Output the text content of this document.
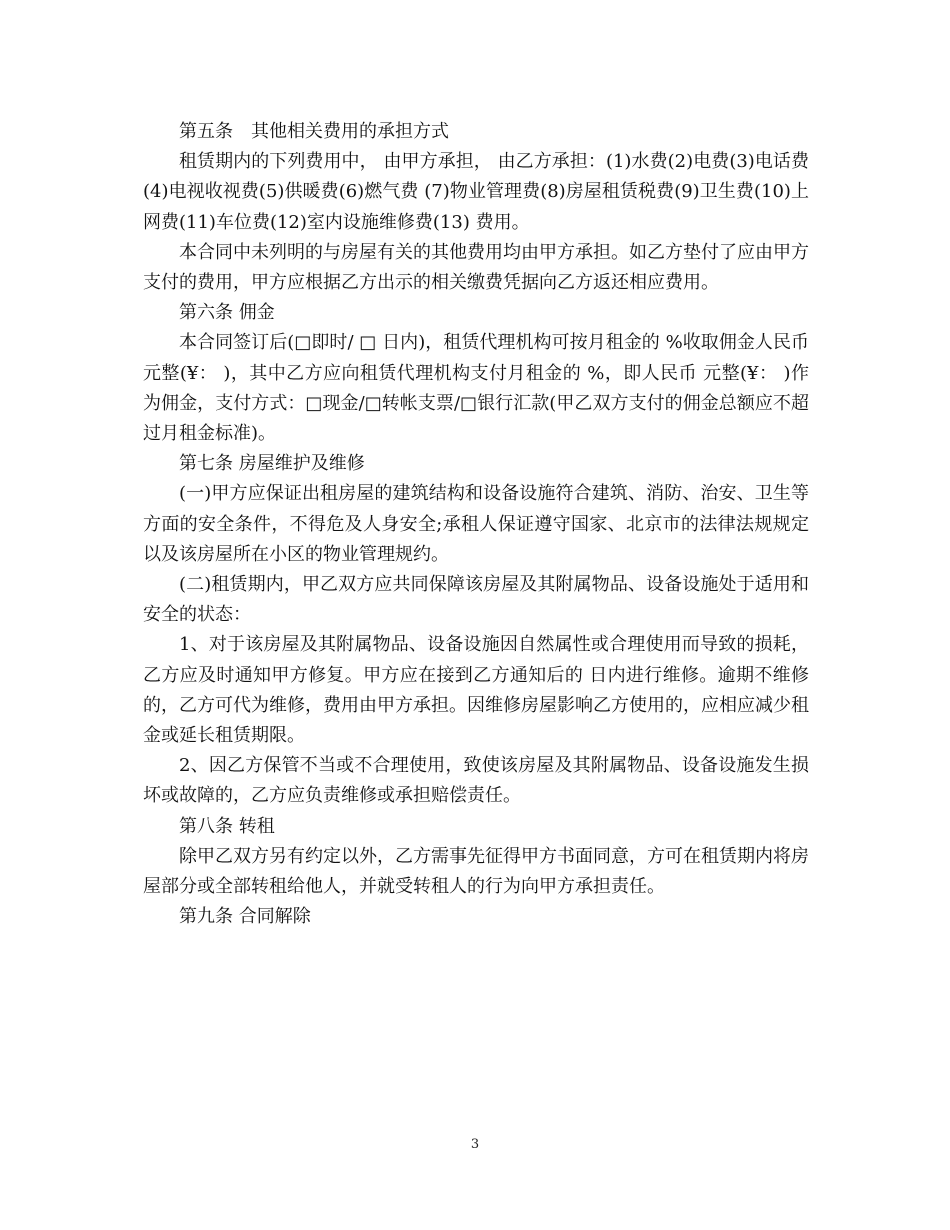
第五条　其他相关费用的承担方式

租赁期内的下列费用中， 由甲方承担， 由乙方承担：(1)水费(2)电费(3)电话费(4)电视收视费(5)供暖费(6)燃气费 (7)物业管理费(8)房屋租赁税费(9)卫生费(10)上网费(11)车位费(12)室内设施维修费(13) 费用。

本合同中未列明的与房屋有关的其他费用均由甲方承担。如乙方垫付了应由甲方支付的费用，甲方应根据乙方出示的相关缴费凭据向乙方返还相应费用。

第六条 佣金

本合同签订后(□即时/ □ 日内)，租赁代理机构可按月租金的 %收取佣金人民币 元整(¥： )，其中乙方应向租赁代理机构支付月租金的 %，即人民币 元整(¥： )作为佣金，支付方式：□现金/□转帐支票/□银行汇款(甲乙双方支付的佣金总额应不超过月租金标准)。

第七条 房屋维护及维修

(一)甲方应保证出租房屋的建筑结构和设备设施符合建筑、消防、治安、卫生等方面的安全条件，不得危及人身安全;承租人保证遵守国家、北京市的法律法规规定以及该房屋所在小区的物业管理规约。

(二)租赁期内，甲乙双方应共同保障该房屋及其附属物品、设备设施处于适用和安全的状态：

1、对于该房屋及其附属物品、设备设施因自然属性或合理使用而导致的损耗，乙方应及时通知甲方修复。甲方应在接到乙方通知后的 日内进行维修。逾期不维修的，乙方可代为维修，费用由甲方承担。因维修房屋影响乙方使用的，应相应减少租金或延长租赁期限。

2、因乙方保管不当或不合理使用，致使该房屋及其附属物品、设备设施发生损坏或故障的，乙方应负责维修或承担赔偿责任。

第八条 转租

除甲乙双方另有约定以外，乙方需事先征得甲方书面同意，方可在租赁期内将房屋部分或全部转租给他人，并就受转租人的行为向甲方承担责任。

第九条 合同解除

3
